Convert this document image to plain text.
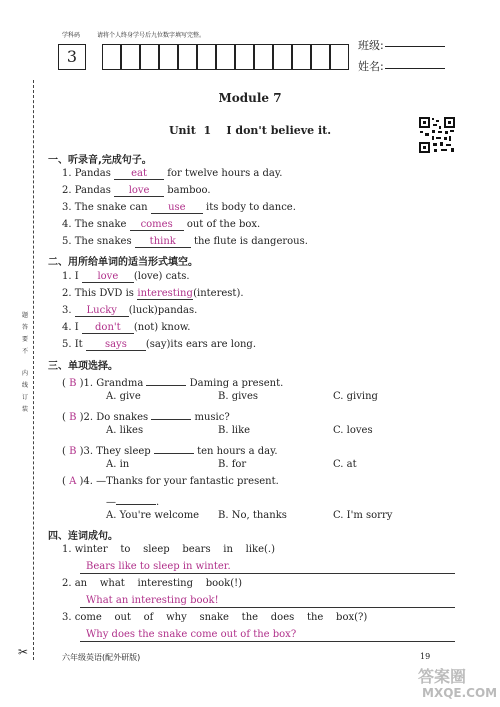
学科码	请将个人终身学号后九位数字填写完整。
3
班级:
姓名:
题
答
要
不
内
线
订
装
Module 7
Unit  1    I don't believe it.
一、听录音,完成句子。
1. Pandas eat for twelve hours a day.
2. Pandas love bamboo.
3. The snake can use its body to dance.
4. The snake comes out of the box.
5. The snakes think the flute is dangerous.
二、用所给单词的适当形式填空。
1. I love (love) cats.
2. This DVD is interesting(interest).
3. Lucky (luck)pandas.
4. I don't (not) know.
5. It says (say)its ears are long.
三、单项选择。
( B )1. Grandma	Daming a present.
A. give	B. gives	C. giving
( B )2. Do snakes	music?
A. likes	B. like	C. loves
( B )3. They sleep	ten hours a day.
A. in	B. for	C. at
( A )4. —Thanks for your fantastic present.
—	.
A. You're welcome B. No, thanks	C. I'm sorry
四、连词成句。
1. winter    to    sleep    bears    in    like(.)
Bears like to sleep in winter.
2. an    what    interesting    book(!)
What an interesting book!
3. come    out    of    why    snake    the    does    the    box(?)
Why does the snake come out of the box?
✂	六年级英语(配外研版)	19
答案圈
MXQE.COM
